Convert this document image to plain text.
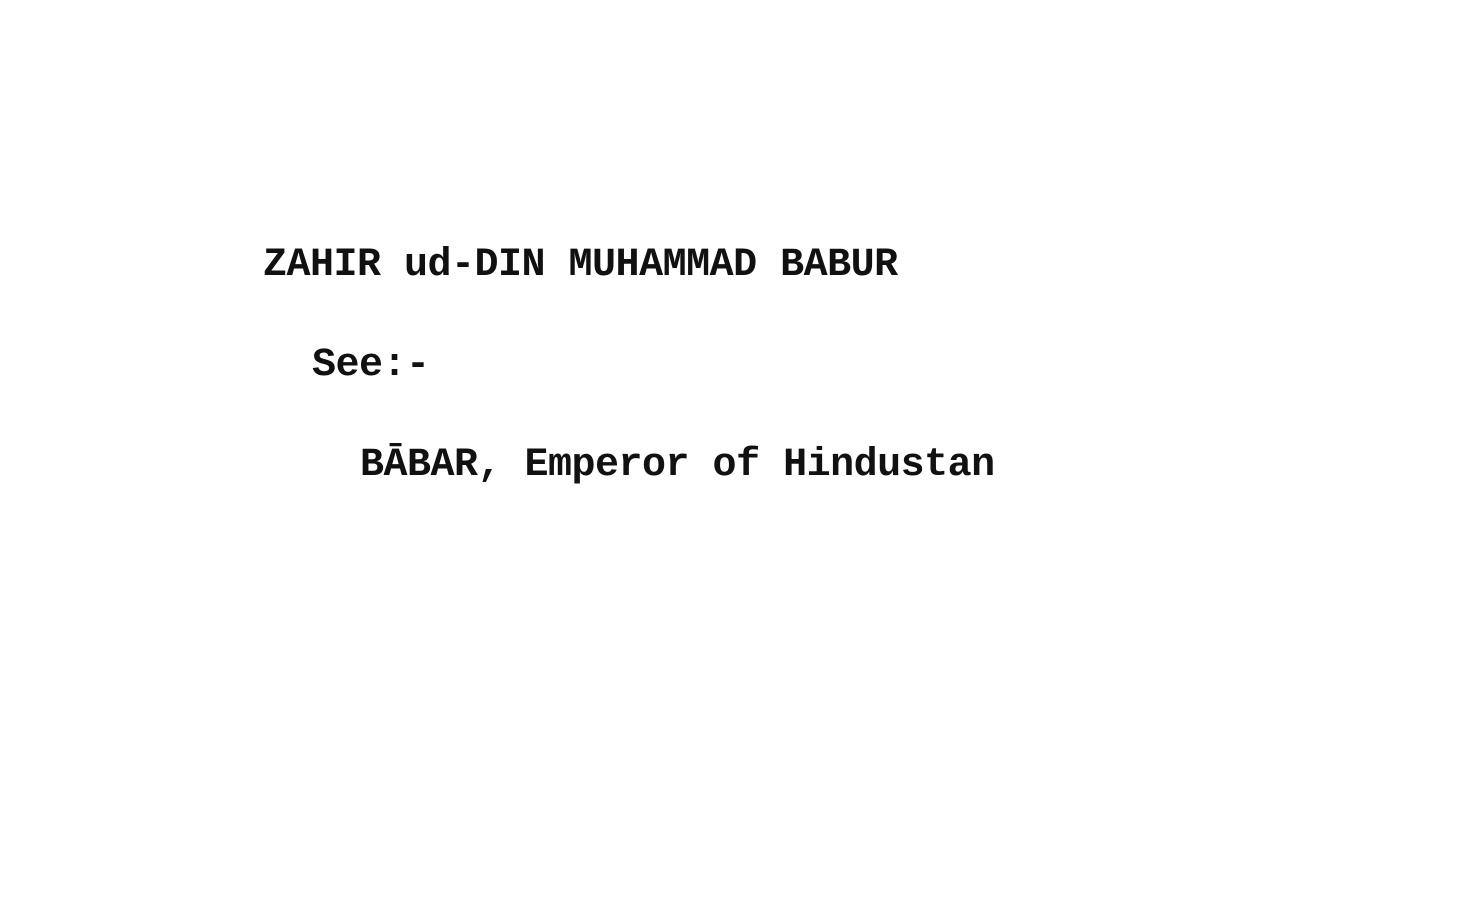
ZAHIR ud-DIN MUHAMMAD BABUR
See:-
BĀBAR, Emperor of Hindustan
